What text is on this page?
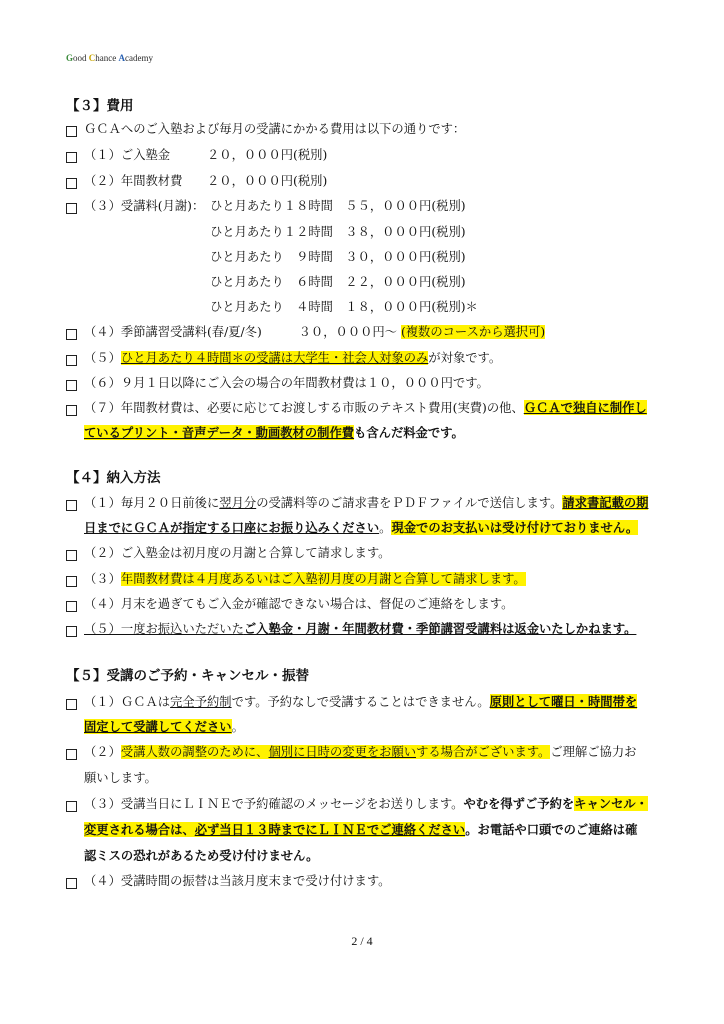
Good Chance Academy
【３】費用
ＧＣＡへのご入塾および毎月の受講にかかる費用は以下の通りです：
（１）ご入塾金　　　２０，０００円(税別)
（２）年間教材費　　２０，０００円(税別)
（３）受講料(月謝)： ひと月あたり１８時間　５５，０００円(税別)
ひと月あたり１２時間　３８，０００円(税別)
ひと月あたり　９時間　３０，０００円(税別)
ひと月あたり　６時間　２２，０００円(税別)
ひと月あたり　４時間　１８，０００円(税別)＊
（４）季節講習受講料(春/夏/冬)　　　３０，０００円～ (複数のコースから選択可)
（５）ひと月あたり４時間＊の受講は大学生・社会人対象のみが対象です。
（６）９月１日以降にご入会の場合の年間教材費は１０，０００円です。
（７）年間教材費は、必要に応じてお渡しする市販のテキスト費用(実費)の他、ＧＣＡで独自に制作し
ているプリント・音声データ・動画教材の制作費も含んだ料金です。
【４】納入方法
（１）毎月２０日前後に翌月分の受講料等のご請求書をＰＤＦファイルで送信します。請求書記載の期
日までにＧＣＡが指定する口座にお振り込みください。現金でのお支払いは受け付けておりません。
（２）ご入塾金は初月度の月謝と合算して請求します。
（３）年間教材費は４月度あるいはご入塾初月度の月謝と合算して請求します。
（４）月末を過ぎてもご入金が確認できない場合は、督促のご連絡をします。
（５）一度お振込いただいたご入塾金・月謝・年間教材費・季節講習受講料は返金いたしかねます。
【５】受講のご予約・キャンセル・振替
（１）ＧＣＡは完全予約制です。予約なしで受講することはできません。原則として曜日・時間帯を
固定して受講してください。
（２）受講人数の調整のために、個別に日時の変更をお願いする場合がございます。ご理解ご協力お
願いします。
（３）受講当日にＬＩＮＥで予約確認のメッセージをお送りします。やむを得ずご予約をキャンセル・
変更される場合は、必ず当日１３時までにＬＩＮＥでご連絡ください。お電話や口頭でのご連絡は確
認ミスの恐れがあるため受け付けません。
（４）受講時間の振替は当該月度末まで受け付けます。
2 / 4
